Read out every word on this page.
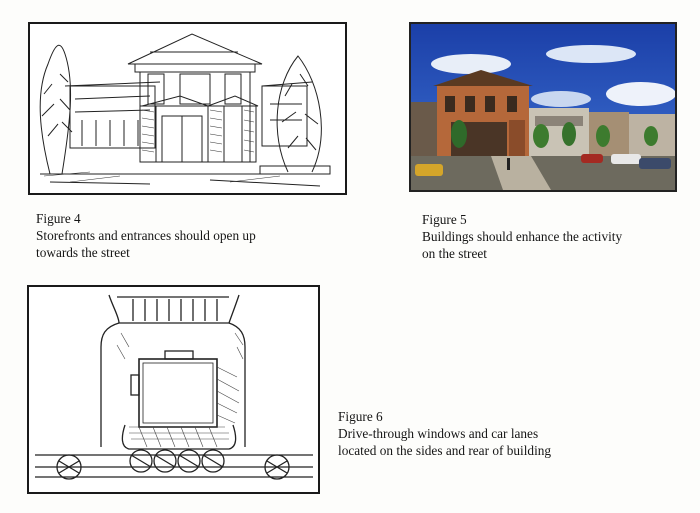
Figure 4
Storefronts and entrances should open up
towards the street
Figure 5
Buildings should enhance the activity
on the street
Figure 6
Drive-through windows and car lanes
located on the sides and rear of building
